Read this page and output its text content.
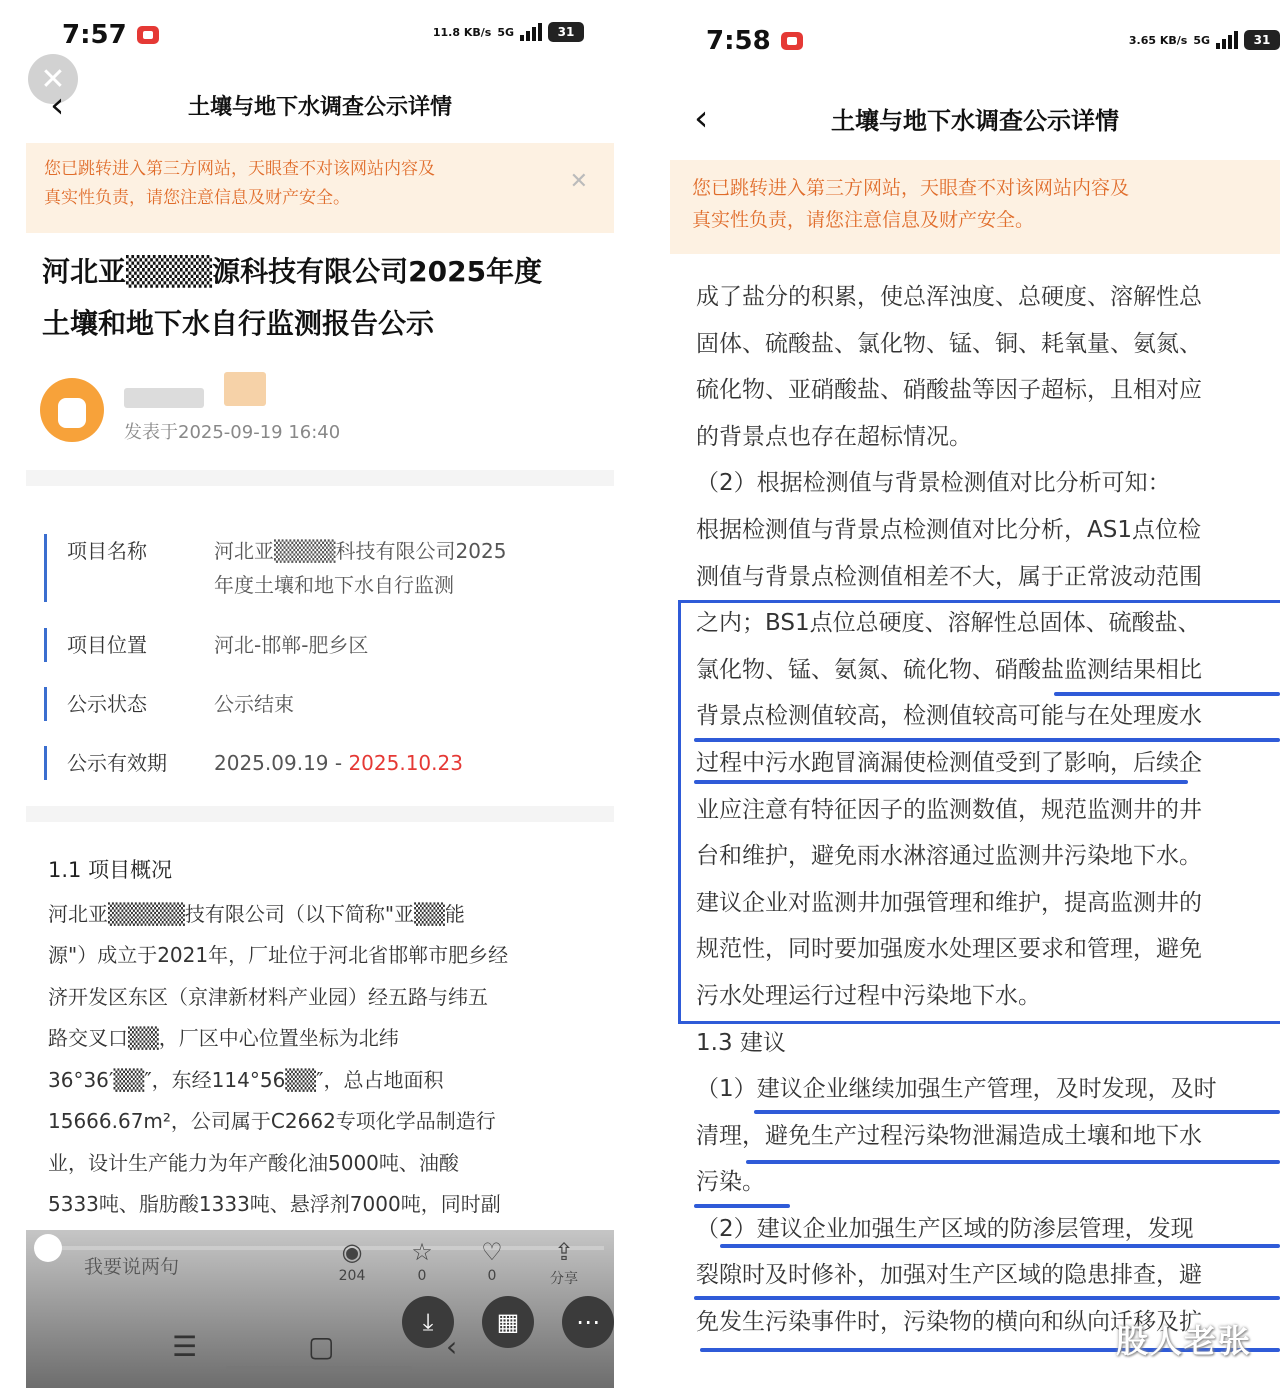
7:57	11.8 KB/s 5G	31
✕
‹	土壤与地下水调查公示详情
您已跳转进入第三方网站，天眼查不对该网站内容及
真实性负责，请您注意信息及财产安全。
✕
河北亚▒▒▒▒源科技有限公司2025年度
土壤和地下水自行监测报告公示
发表于2025-09-19 16:40
项目名称	河北亚▒▒▒▒科技有限公司2025
年度土壤和地下水自行监测
项目位置	河北-邯郸-肥乡区
公示状态	公示结束
公示有效期	2025.09.19 - 2025.10.23
1.1 项目概况
河北亚▒▒▒▒▒技有限公司（以下简称"亚▒▒能
源"）成立于2021年，厂址位于河北省邯郸市肥乡经
济开发区东区（京津新材料产业园）经五路与纬五
路交叉口▒▒，厂区中心位置坐标为北纬
36°36′▒▒″，东经114°56▒▒″，总占地面积
15666.67m²，公司属于C2662专项化学品制造行
业，设计生产能力为年产酸化油5000吨、油酸
5333吨、脂肪酸1333吨、悬浮剂7000吨，同时副
我要说两句
◉
204
☆
0
♡
0
⇪
分享
⤓	▦	⋯
☰	▢	‹
7:58	3.65 KB/s 5G	31
‹	土壤与地下水调查公示详情
您已跳转进入第三方网站，天眼查不对该网站内容及
真实性负责，请您注意信息及财产安全。

成了盐分的积累，使总浑浊度、总硬度、溶解性总

固体、硫酸盐、氯化物、锰、铜、耗氧量、氨氮、

硫化物、亚硝酸盐、硝酸盐等因子超标，且相对应

的背景点也存在超标情况。

（2）根据检测值与背景检测值对比分析可知：

根据检测值与背景点检测值对比分析，AS1点位检

测值与背景点检测值相差不大，属于正常波动范围

之内；BS1点位总硬度、溶解性总固体、硫酸盐、

氯化物、锰、氨氮、硫化物、硝酸盐监测结果相比

背景点检测值较高，检测值较高可能与在处理废水

过程中污水跑冒滴漏使检测值受到了影响，后续企

业应注意有特征因子的监测数值，规范监测井的井

台和维护，避免雨水淋溶通过监测井污染地下水。

建议企业对监测井加强管理和维护，提高监测井的

规范性，同时要加强废水处理区要求和管理，避免

污水处理运行过程中污染地下水。

1.3 建议

（1）建议企业继续加强生产管理，及时发现，及时

清理，避免生产过程污染物泄漏造成土壤和地下水

污染。

（2）建议企业加强生产区域的防渗层管理，发现

裂隙时及时修补，加强对生产区域的隐患排查，避

免发生污染事件时，污染物的横向和纵向迁移及扩

股人老张
